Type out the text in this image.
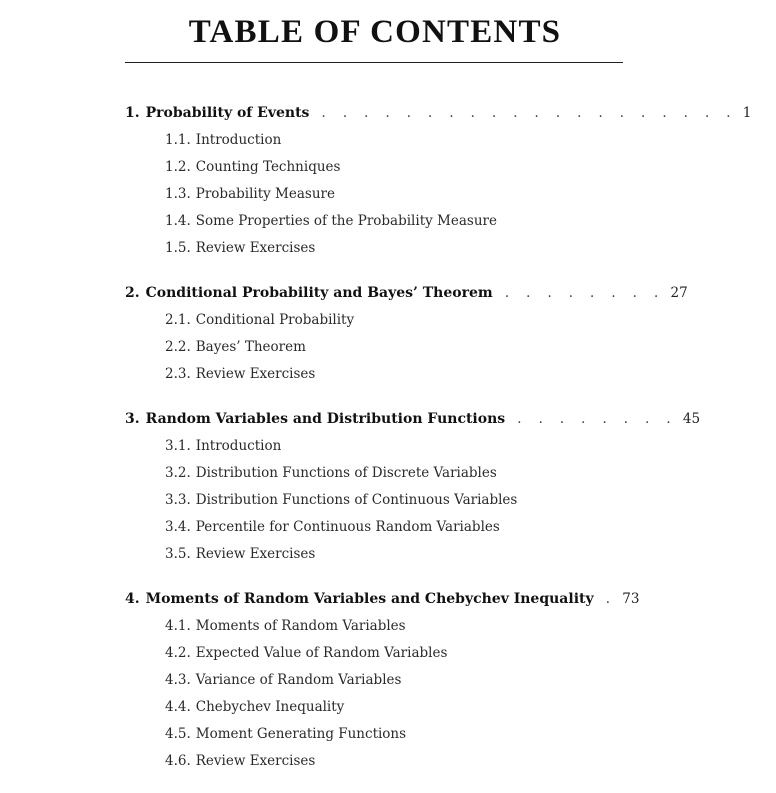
TABLE OF CONTENTS
1. Probability of Events . . . . . . . . . . . . . . . . . . . . 1
1.1. Introduction
1.2. Counting Techniques
1.3. Probability Measure
1.4. Some Properties of the Probability Measure
1.5. Review Exercises
2. Conditional Probability and Bayes’ Theorem . . . . . . . . 27
2.1. Conditional Probability
2.2. Bayes’ Theorem
2.3. Review Exercises
3. Random Variables and Distribution Functions . . . . . . . . 45
3.1. Introduction
3.2. Distribution Functions of Discrete Variables
3.3. Distribution Functions of Continuous Variables
3.4. Percentile for Continuous Random Variables
3.5. Review Exercises
4. Moments of Random Variables and Chebychev Inequality . 73
4.1. Moments of Random Variables
4.2. Expected Value of Random Variables
4.3. Variance of Random Variables
4.4. Chebychev Inequality
4.5. Moment Generating Functions
4.6. Review Exercises
